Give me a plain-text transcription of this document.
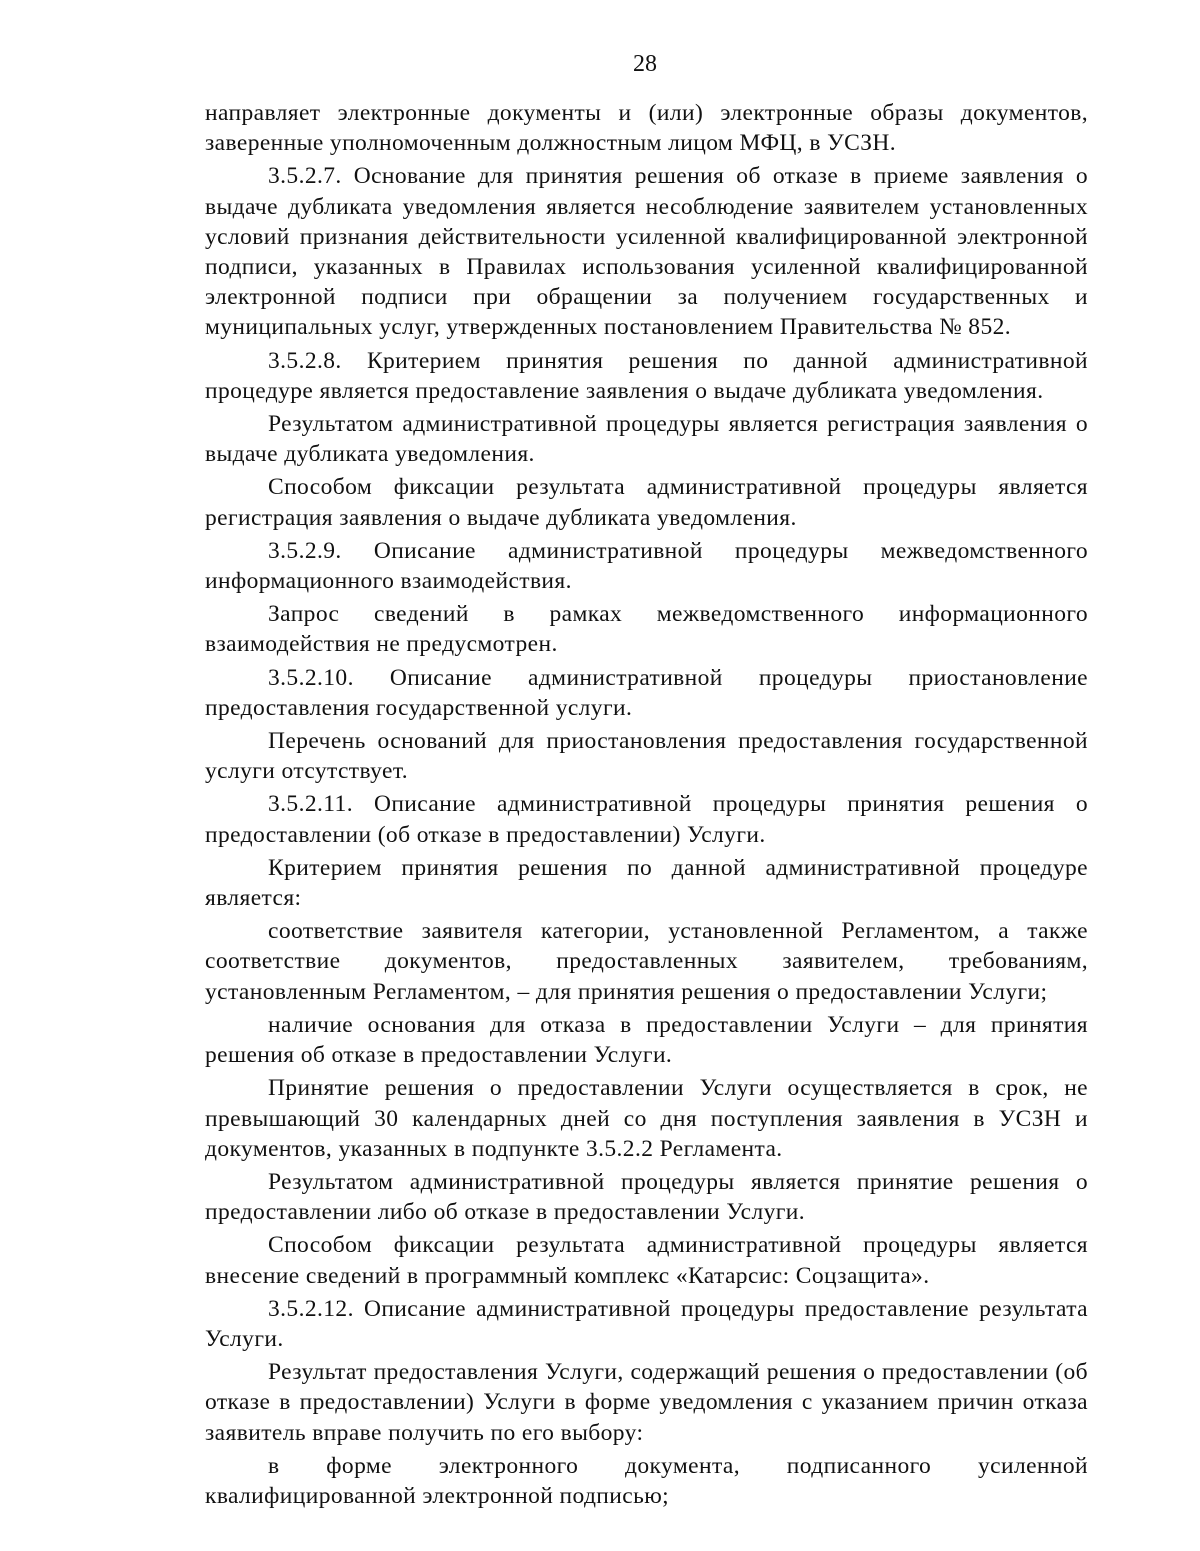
28

направляет электронные документы и (или) электронные образы документов, заверенные уполномоченным должностным лицом МФЦ, в УСЗН.

3.5.2.7. Основание для принятия решения об отказе в приеме заявления о выдаче дубликата уведомления является несоблюдение заявителем установленных условий признания действительности усиленной квалифицированной электронной подписи, указанных в Правилах использования усиленной квалифицированной электронной подписи при обращении за получением государственных и муниципальных услуг, утвержденных постановлением Правительства № 852.

3.5.2.8. Критерием принятия решения по данной административной процедуре является предоставление заявления о выдаче дубликата уведомления.

Результатом административной процедуры является регистрация заявления о выдаче дубликата уведомления.

Способом фиксации результата административной процедуры является регистрация заявления о выдаче дубликата уведомления.

3.5.2.9. Описание административной процедуры межведомственного информационного взаимодействия.

Запрос сведений в рамках межведомственного информационного взаимодействия не предусмотрен.

3.5.2.10. Описание административной процедуры приостановление предоставления государственной услуги.

Перечень оснований для приостановления предоставления государственной услуги отсутствует.

3.5.2.11. Описание административной процедуры принятия решения о предоставлении (об отказе в предоставлении) Услуги.

Критерием принятия решения по данной административной процедуре является:

соответствие заявителя категории, установленной Регламентом, а также соответствие документов, предоставленных заявителем, требованиям, установленным Регламентом, – для принятия решения о предоставлении Услуги;

наличие основания для отказа в предоставлении Услуги – для принятия решения об отказе в предоставлении Услуги.

Принятие решения о предоставлении Услуги осуществляется в срок, не превышающий 30 календарных дней со дня поступления заявления в УСЗН и документов, указанных в подпункте 3.5.2.2 Регламента.

Результатом административной процедуры является принятие решения о предоставлении либо об отказе в предоставлении Услуги.

Способом фиксации результата административной процедуры является внесение сведений в программный комплекс «Катарсис: Соцзащита».

3.5.2.12. Описание административной процедуры предоставление результата Услуги.

Результат предоставления Услуги, содержащий решения о предоставлении (об отказе в предоставлении) Услуги в форме уведомления с указанием причин отказа заявитель вправе получить по его выбору:

в форме электронного документа, подписанного усиленной квалифицированной электронной подписью;
